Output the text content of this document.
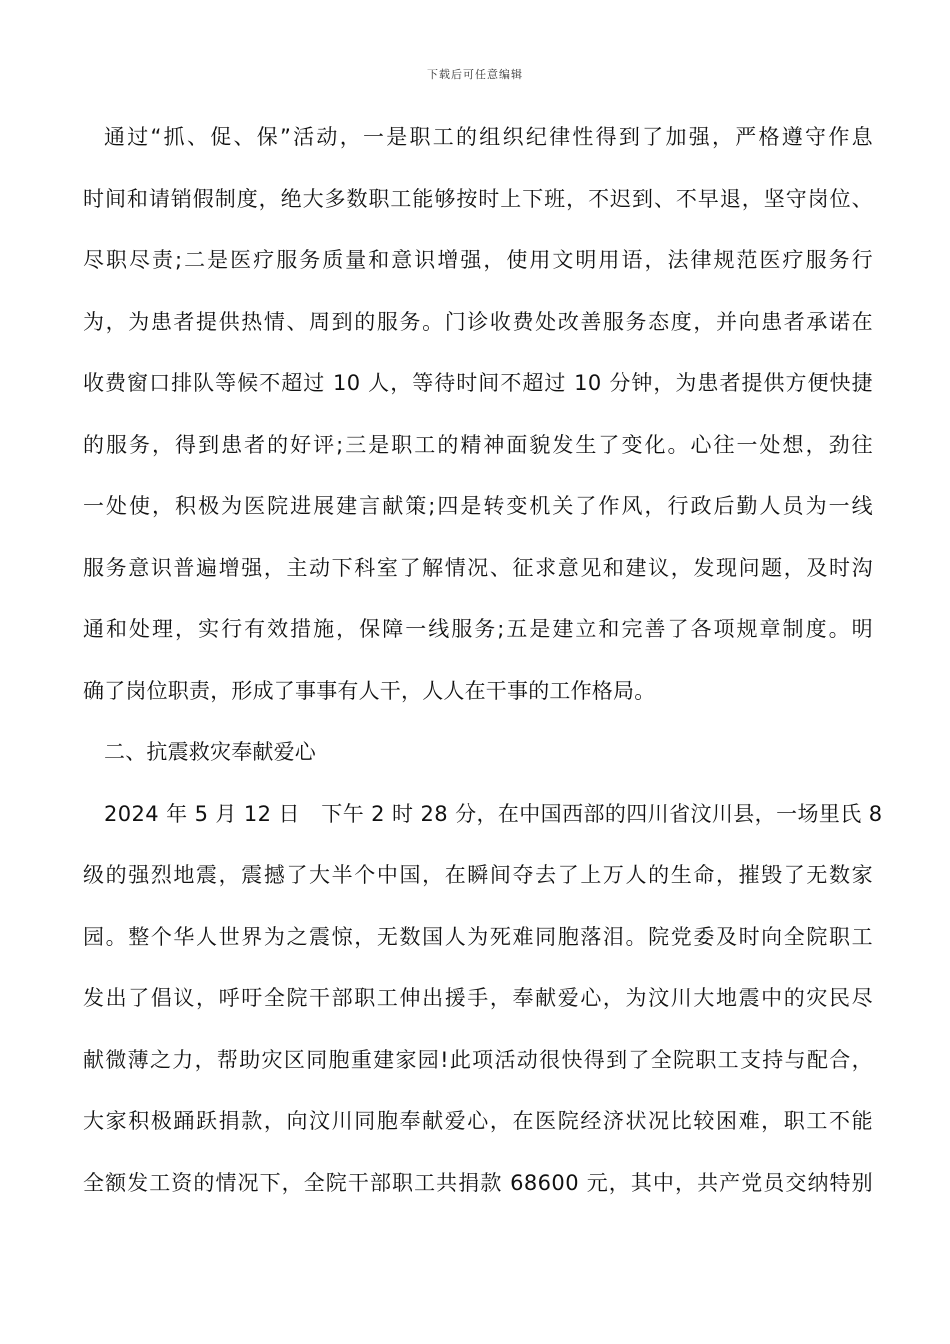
下载后可任意编辑
通过“抓、促、保”活动，一是职工的组织纪律性得到了加强，严格遵守作息
时间和请销假制度，绝大多数职工能够按时上下班，不迟到、不早退，坚守岗位、
尽职尽责;二是医疗服务质量和意识增强，使用文明用语，法律规范医疗服务行
为，为患者提供热情、周到的服务。门诊收费处改善服务态度，并向患者承诺在
收费窗口排队等候不超过 10 人，等待时间不超过 10 分钟，为患者提供方便快捷
的服务，得到患者的好评;三是职工的精神面貌发生了变化。心往一处想，劲往
一处使，积极为医院进展建言献策;四是转变机关了作风，行政后勤人员为一线
服务意识普遍增强，主动下科室了解情况、征求意见和建议，发现问题，及时沟
通和处理，实行有效措施，保障一线服务;五是建立和完善了各项规章制度。明
确了岗位职责，形成了事事有人干，人人在干事的工作格局。
二、抗震救灾奉献爱心
2024 年 5 月 12 日　下午 2 时 28 分，在中国西部的四川省汶川县，一场里氏 8
级的强烈地震，震撼了大半个中国，在瞬间夺去了上万人的生命，摧毁了无数家
园。整个华人世界为之震惊，无数国人为死难同胞落泪。院党委及时向全院职工
发出了倡议，呼吁全院干部职工伸出援手，奉献爱心，为汶川大地震中的灾民尽
献微薄之力，帮助灾区同胞重建家园!此项活动很快得到了全院职工支持与配合，
大家积极踊跃捐款，向汶川同胞奉献爱心，在医院经济状况比较困难，职工不能
全额发工资的情况下，全院干部职工共捐款 68600 元，其中，共产党员交纳特别
